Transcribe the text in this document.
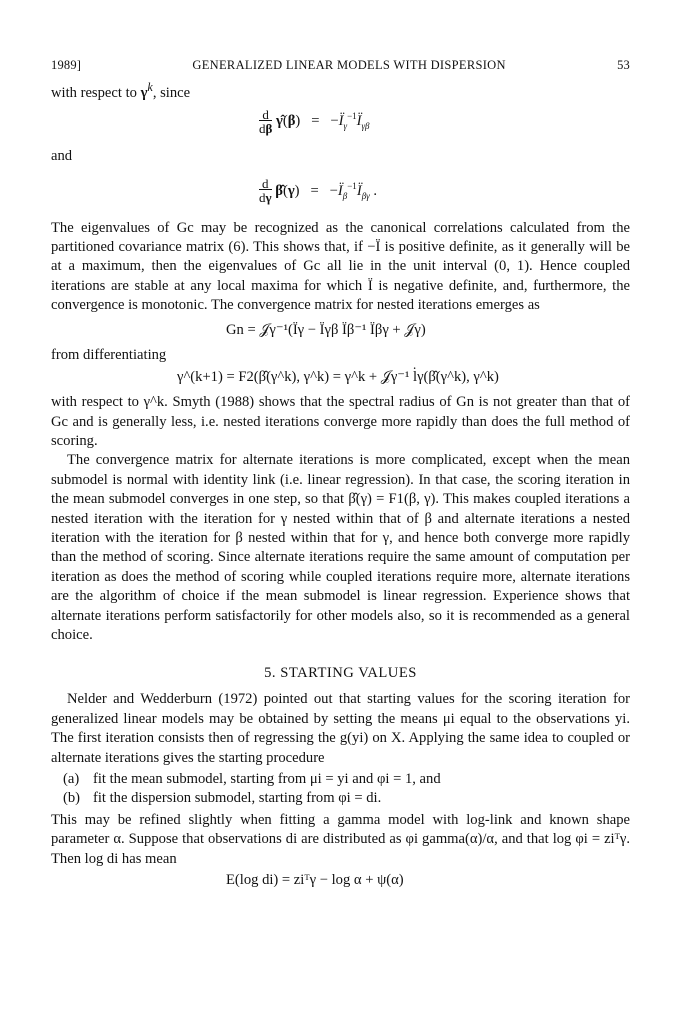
1989]	GENERALIZED LINEAR MODELS WITH DISPERSION	53

with respect to $\gamma^k$, since

d
dβ γ̂(β)   =   $-Ï_\gamma^{-1}Ï_{\gamma\beta}$

and

d
dγ β̂(γ)   =   $-Ï_\beta^{-1}Ï_{\beta\gamma}$ .

The eigenvalues of Gc may be recognized as the canonical correlations calculated from the partitioned covariance matrix (6). This shows that, if −Ï is positive definite, as it generally will be at a maximum, then the eigenvalues of Gc all lie in the unit interval (0, 1). Hence coupled iterations are stable at any local maxima for which Ï is negative definite, and, furthermore, the convergence is monotonic. The convergence matrix for nested iterations emerges as

Gn = 𝒥γ⁻¹(Ïγ − Ïγβ Ïβ⁻¹ Ïβγ + 𝒥γ)

from differentiating

γ^(k+1) = F2(β̂(γ^k), γ^k) = γ^k + 𝒥γ⁻¹ l̇γ(β̂(γ^k), γ^k)

with respect to γ^k. Smyth (1988) shows that the spectral radius of Gn is not greater than that of Gc and is generally less, i.e. nested iterations converge more rapidly than does the full method of scoring.

The convergence matrix for alternate iterations is more complicated, except when the mean submodel is normal with identity link (i.e. linear regression). In that case, the scoring iteration in the mean submodel converges in one step, so that β̂(γ) = F1(β, γ). This makes coupled iterations a nested iteration with the iteration for γ nested within that of β and alternate iterations a nested iteration with the iteration for β nested within that for γ, and hence both converge more rapidly than the method of scoring. Since alternate iterations require the same amount of computation per iteration as does the method of scoring while coupled iterations require more, alternate iterations are the algorithm of choice if the mean submodel is linear regression. Experience shows that alternate iterations perform satisfactorily for other models also, so it is recommended as a general choice.

5. STARTING VALUES

Nelder and Wedderburn (1972) pointed out that starting values for the scoring iteration for generalized linear models may be obtained by setting the means μi equal to the observations yi. The first iteration consists then of regressing the g(yi) on X. Applying the same idea to coupled or alternate iterations gives the starting procedure

(a) fit the mean submodel, starting from μi = yi and φi = 1, and
(b) fit the dispersion submodel, starting from φi = di.

This may be refined slightly when fitting a gamma model with log-link and known shape parameter α. Suppose that observations di are distributed as φi gamma(α)/α, and that log φi = ziᵀγ. Then log di has mean

E(log di) = ziᵀγ − log α + ψ(α)
